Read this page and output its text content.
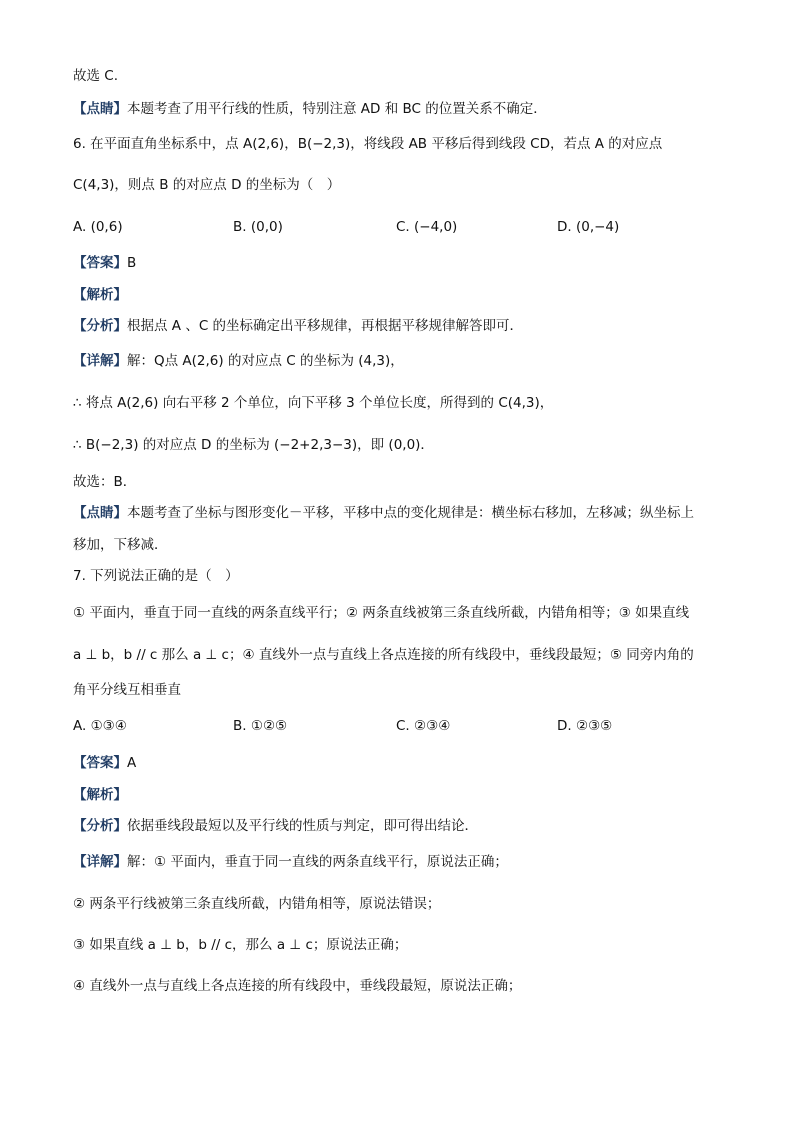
故选 C.
【点睛】本题考查了用平行线的性质，特别注意 AD 和 BC 的位置关系不确定．
6. 在平面直角坐标系中，点 A(2,6)，B(−2,3)，将线段 AB 平移后得到线段 CD，若点 A 的对应点
C(4,3)，则点 B 的对应点 D 的坐标为（　）
A. (0,6)	B. (0,0)	C. (−4,0)	D. (0,−4)
【答案】B
【解析】
【分析】根据点 A 、C 的坐标确定出平移规律，再根据平移规律解答即可．
【详解】解：Q点 A(2,6) 的对应点 C 的坐标为 (4,3)，
∴ 将点 A(2,6) 向右平移 2 个单位，向下平移 3 个单位长度，所得到的 C(4,3)，
∴ B(−2,3) 的对应点 D 的坐标为 (−2+2,3−3)，即 (0,0)．
故选：B．
【点睛】本题考查了坐标与图形变化－平移，平移中点的变化规律是：横坐标右移加，左移减；纵坐标上
移加，下移减．
7. 下列说法正确的是（　）
① 平面内，垂直于同一直线的两条直线平行；② 两条直线被第三条直线所截，内错角相等；③ 如果直线
a ⊥ b，b // c 那么 a ⊥ c；④ 直线外一点与直线上各点连接的所有线段中，垂线段最短；⑤ 同旁内角的
角平分线互相垂直
A. ①③④	B. ①②⑤	C. ②③④	D. ②③⑤
【答案】A
【解析】
【分析】依据垂线段最短以及平行线的性质与判定，即可得出结论．
【详解】解：① 平面内，垂直于同一直线的两条直线平行，原说法正确；
② 两条平行线被第三条直线所截，内错角相等，原说法错误；
③ 如果直线 a ⊥ b，b // c，那么 a ⊥ c；原说法正确；
④ 直线外一点与直线上各点连接的所有线段中，垂线段最短，原说法正确；
